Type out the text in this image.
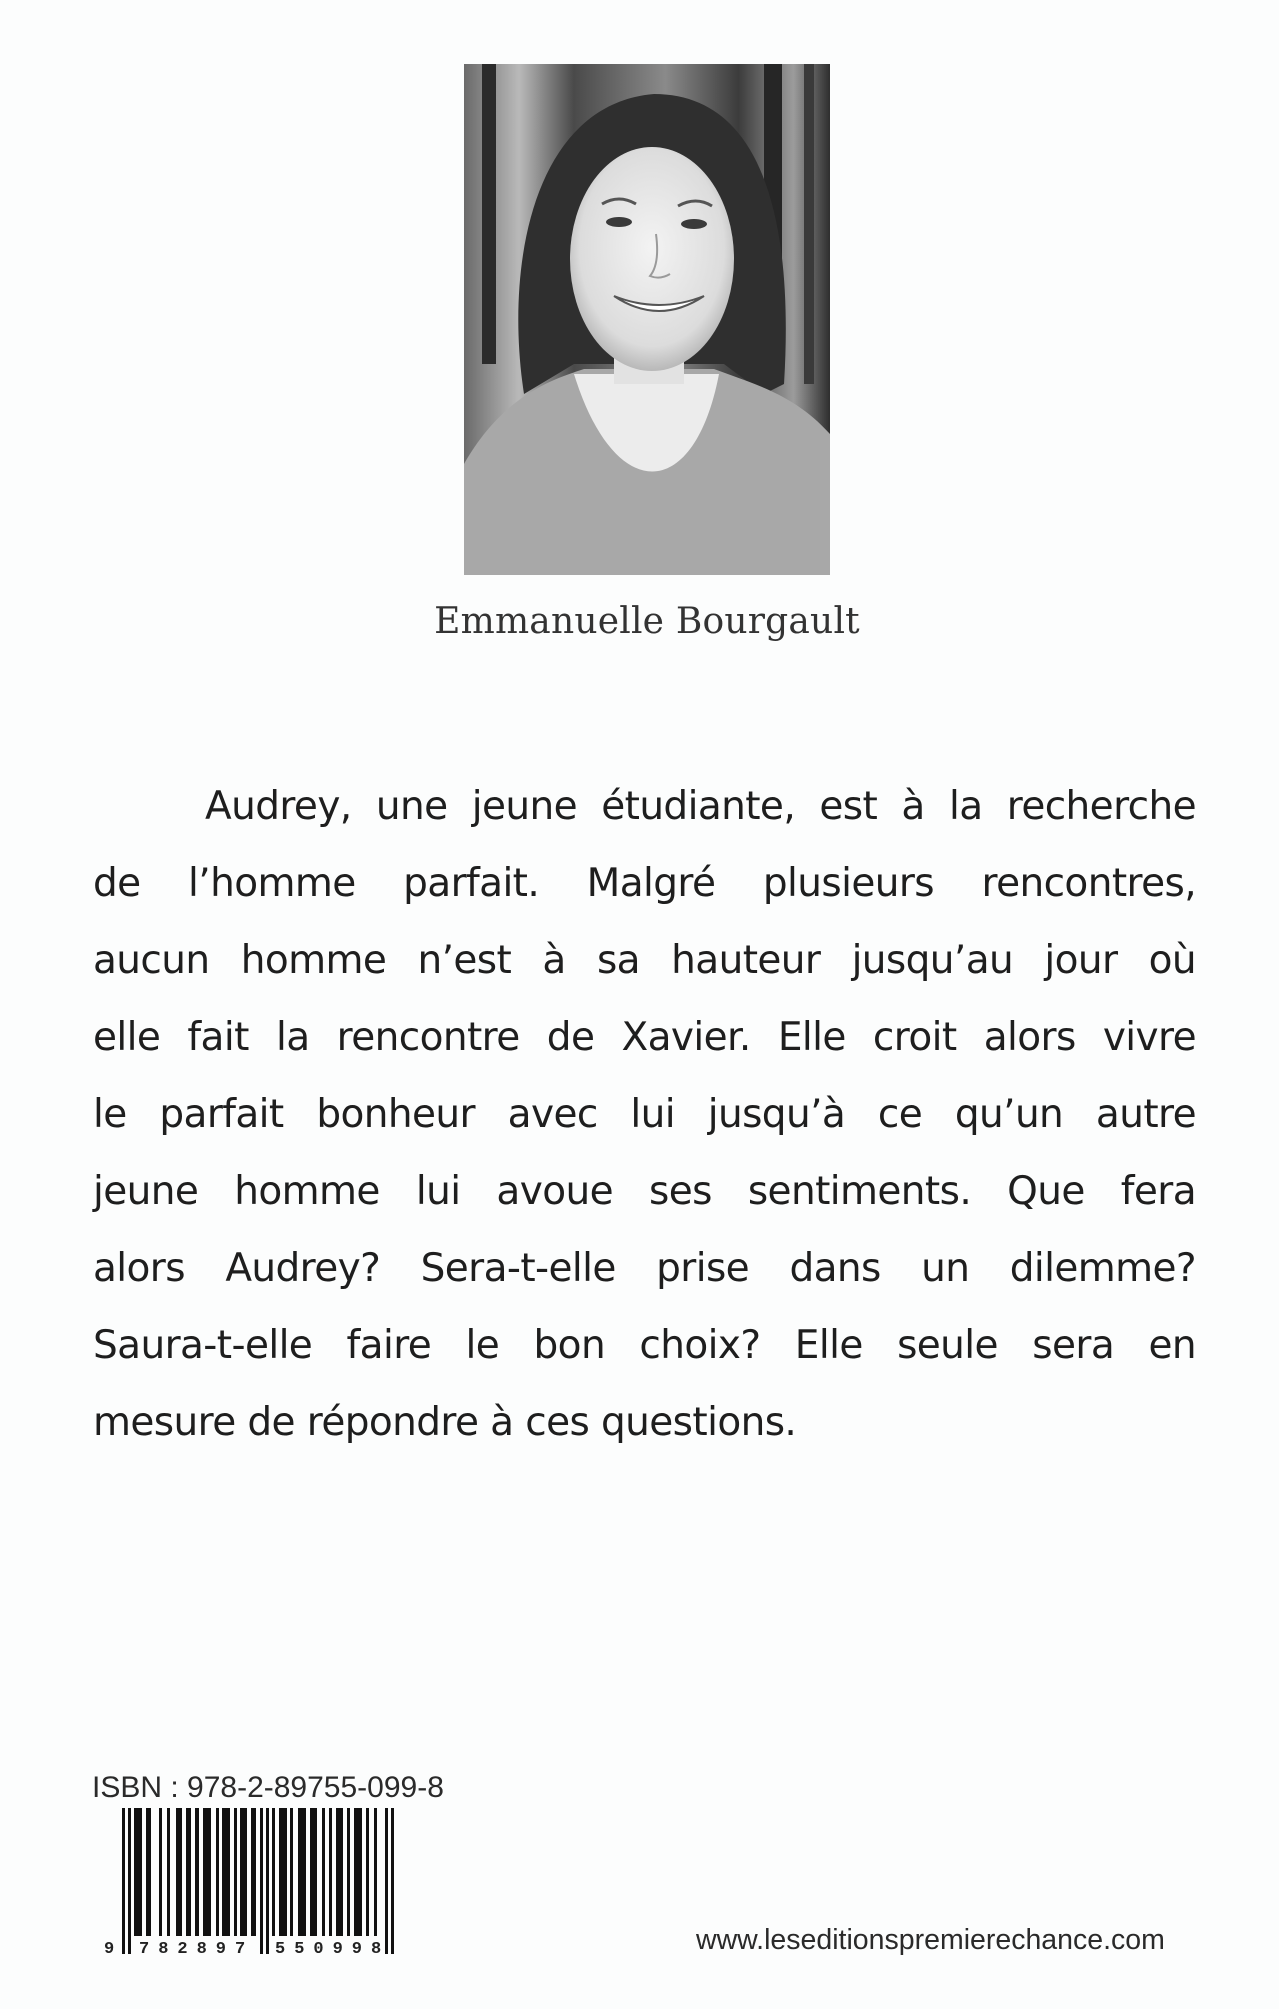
Emmanuelle Bourgault
Audrey, une jeune étudiante, est à la recherche
de l’homme parfait. Malgré plusieurs rencontres,
aucun homme n’est à sa hauteur jusqu’au jour où
elle fait la rencontre de Xavier. Elle croit alors vivre
le parfait bonheur avec lui jusqu’à ce qu’un autre
jeune homme lui avoue ses sentiments. Que fera
alors Audrey? Sera-t-elle prise dans un dilemme?
Saura-t-elle faire le bon choix? Elle seule sera en
mesure de répondre à ces questions.
ISBN : 978-2-89755-099-8
9 782897 550998	www.leseditionspremierechance.com
